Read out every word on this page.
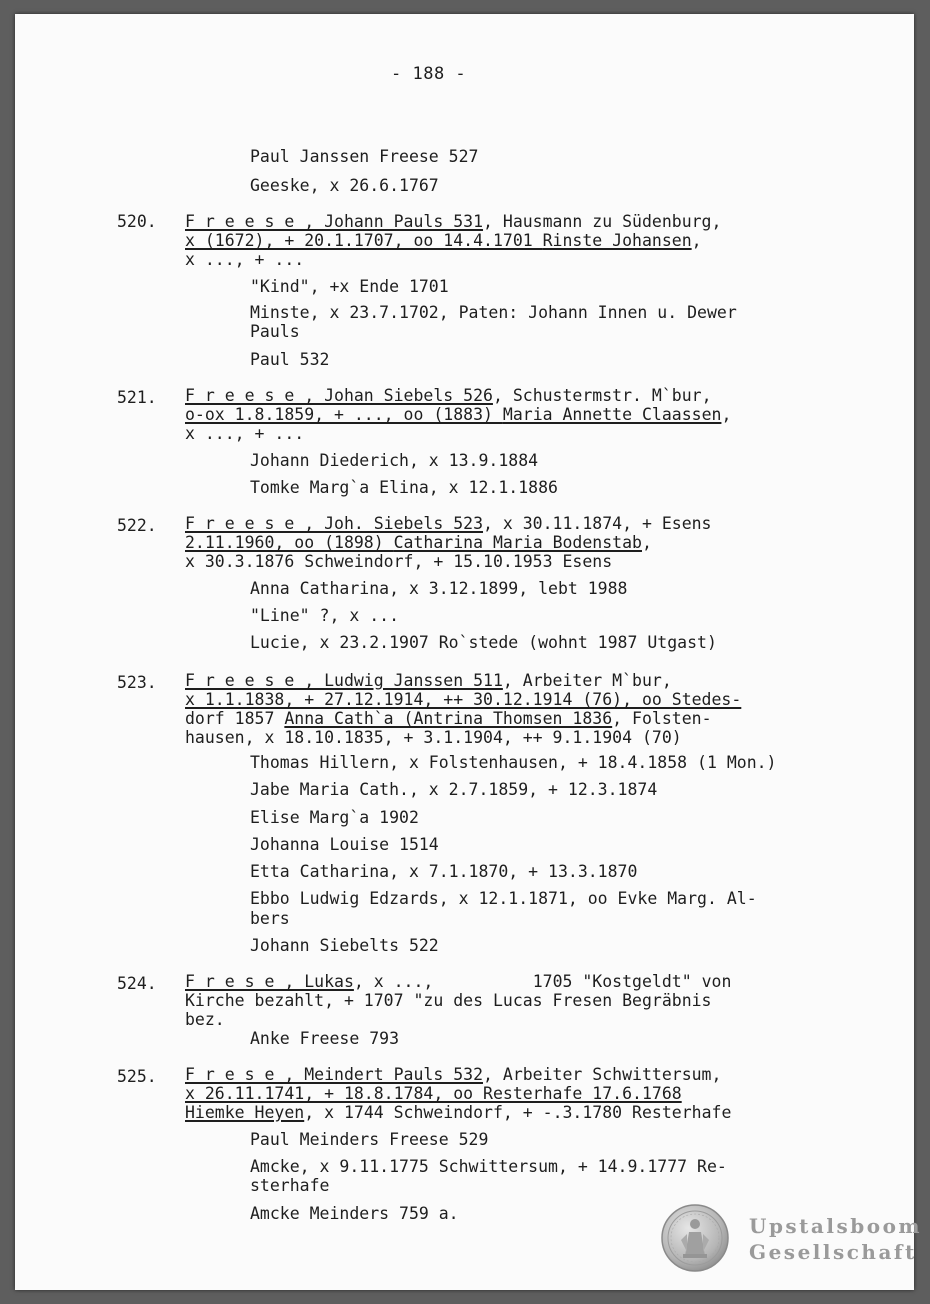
- 188 -
Paul Janssen Freese 527
Geeske, x 26.6.1767
520. F r e e s e , Johann Pauls 531, Hausmann zu Südenburg,
x (1672), + 20.1.1707, oo 14.4.1701 Rinste Johansen,
x ..., + ...
"Kind", +x Ende 1701
Minste, x 23.7.1702, Paten: Johann Innen u. Dewer
Pauls
Paul 532
521. F r e e s e , Johan Siebels 526, Schustermstr. M`bur,
o-ox 1.8.1859, + ..., oo (1883) Maria Annette Claassen,
x ..., + ...
Johann Diederich, x 13.9.1884
Tomke Marg`a Elina, x 12.1.1886
522. F r e e s e , Joh. Siebels 523, x 30.11.1874, + Esens
2.11.1960, oo (1898) Catharina Maria Bodenstab,
x 30.3.1876 Schweindorf, + 15.10.1953 Esens
Anna Catharina, x 3.12.1899, lebt 1988
"Line" ?, x ...
Lucie, x 23.2.1907 Ro`stede (wohnt 1987 Utgast)
523. F r e e s e , Ludwig Janssen 511, Arbeiter M`bur,
x 1.1.1838, + 27.12.1914, ++ 30.12.1914 (76), oo Stedes-
dorf 1857 Anna Cath`a (Antrina Thomsen 1836, Folsten-
hausen, x 18.10.1835, + 3.1.1904, ++ 9.1.1904 (70)
Thomas Hillern, x Folstenhausen, + 18.4.1858 (1 Mon.)
Jabe Maria Cath., x 2.7.1859, + 12.3.1874
Elise Marg`a 1902
Johanna Louise 1514
Etta Catharina, x 7.1.1870, + 13.3.1870
Ebbo Ludwig Edzards, x 12.1.1871, oo Evke Marg. Al-
bers
Johann Siebelts 522
524. F r e s e , Lukas, x ...,          1705 "Kostgeldt" von
Kirche bezahlt, + 1707 "zu des Lucas Fresen Begräbnis
bez.
Anke Freese 793
525. F r e s e , Meindert Pauls 532, Arbeiter Schwittersum,
x 26.11.1741, + 18.8.1784, oo Resterhafe 17.6.1768
Hiemke Heyen, x 1744 Schweindorf, + -.3.1780 Resterhafe
Paul Meinders Freese 529
Amcke, x 9.11.1775 Schwittersum, + 14.9.1777 Re-
sterhafe
Amcke Meinders 759 a.
Upstalsboom
Gesellschaft
